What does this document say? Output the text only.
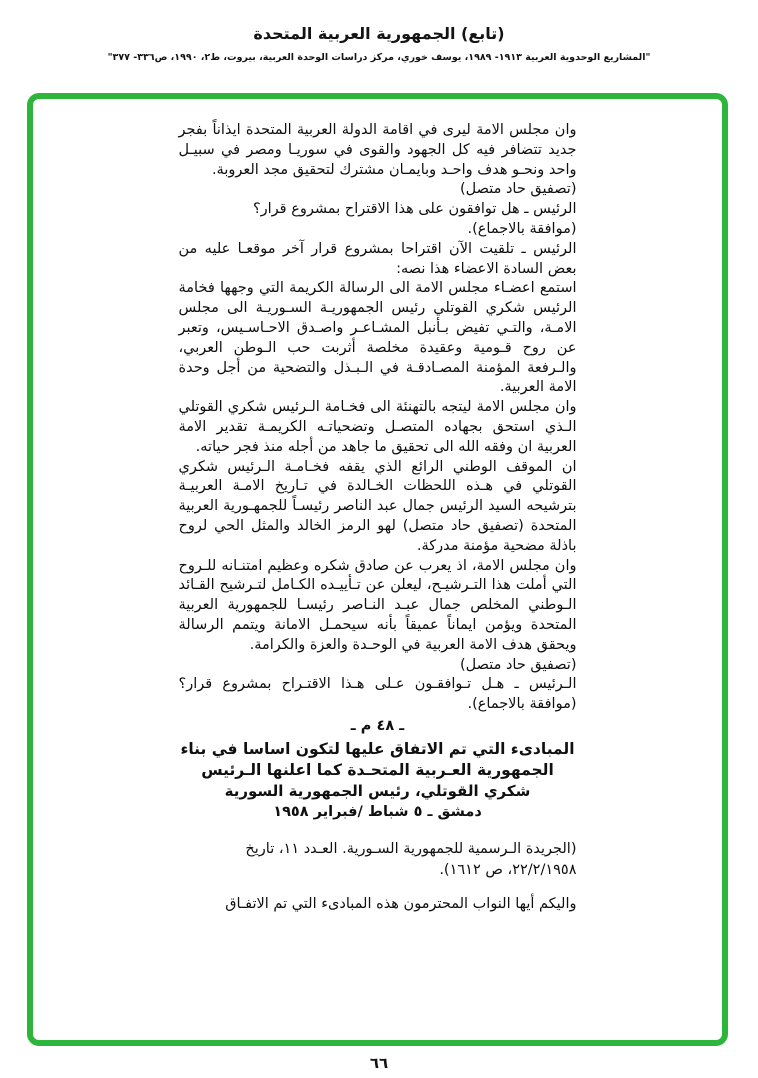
(تابع) الجمهورية العربية المتحدة
"المشاريع الوحدوية العربية ١٩١٣- ١٩٨٩، يوسف خوري، مركز دراسات الوحدة العربية، بيروت، ط٢، ١٩٩٠، ص٣٣٦- ٣٧٧"

وان مجلس الامة ليرى في اقامة الدولة العربية المتحدة ايذاناً بفجر جديد تتضافر فيه كل الجهود والقوى في سوريـا ومصر في سبيـل واحد ونحـو هدف واحـد وبايمـان مشترك لتحقيق مجد العروبة.

(تصفيق حاد متصل)

الرئيس ـ هل توافقون على هذا الاقتراح بمشروع قرار؟

(موافقة بالاجماع).

الرئيس ـ تلقيت الآن اقتراحا بمشروع قرار آخر موقعـا عليه من بعض السادة الاعضاء هذا نصه:

استمع اعضـاء مجلس الامة الى الرسالة الكريمة التي وجهها فخامة الرئيس شكري القوتلي رئيس الجمهوريـة السـوريـة الى مجلس الامـة، والتـي تفيض بـأنبل المشـاعـر واصـدق الاحـاسـيس، وتعبر عن روح قـومية وعقيدة مخلصة أثربت حب الـوطن العربي، والـرفعة المؤمنة المصـادقـة في الـبـذل والتضحية من أجل وحدة الامة العربية.

وان مجلس الامة ليتجه بالتهنئة الى فخـامة الـرئيس شكري القوتلي الـذي استحق بجهاده المتصـل وتضحياتـه الكريمـة تقدير الامة العربية ان وفقه الله الى تحقيق ما جاهد من أجله منذ فجر حياته.

ان الموقف الوطني الرائع الذي يقفه فخـامـة الـرئيس شكري القوتلي في هـذه اللحظات الخـالدة في تـاريخ الامـة العربيـة بترشيحه السيد الرئيس جمال عبد الناصر رئيسـاً للجمهـورية العربية المتحدة (تصفيق حاد متصل) لهو الرمز الخالد والمثل الحي لروح باذلة مضحية مؤمنة مدركة.

وان مجلس الامة، اذ يعرب عن صادق شكره وعظيم امتنـانه للـروح التي أملت هذا التـرشيـح، ليعلن عن تـأييـده الكـامل لتـرشيح القـائد الـوطني المخلص جمال عبـد النـاصر رئيسـا للجمهورية العربية المتحدة ويؤمن ايماناً عميقاً بأنه سيحمـل الامانة ويتمم الرسالة ويحقق هدف الامة العربية في الوحـدة والعزة والكرامة.

(تصفيق حاد متصل)

الـرئيس ـ هـل تـوافقـون عـلى هـذا الاقتـراح بمشروع قرار؟(موافقة بالاجماع).

ـ ٤٨ م ـ

المبادىء التي تم الاتفاق عليها لتكون اساسا في بناء
الجمهورية العـربية المتحـدة كما اعلنها الـرئيس
شكري القوتلي، رئيس الجمهورية السورية
دمشق ـ ٥ شباط /فبراير ١٩٥٨

(الجريدة الـرسمية للجمهورية السـورية. العـدد ١١، تاريخ ٢٢/٢/١٩٥٨، ص ١٦١٢).

واليكم أيها النواب المحترمون هذه المبادىء التي تم الاتفـاق

٦٦
